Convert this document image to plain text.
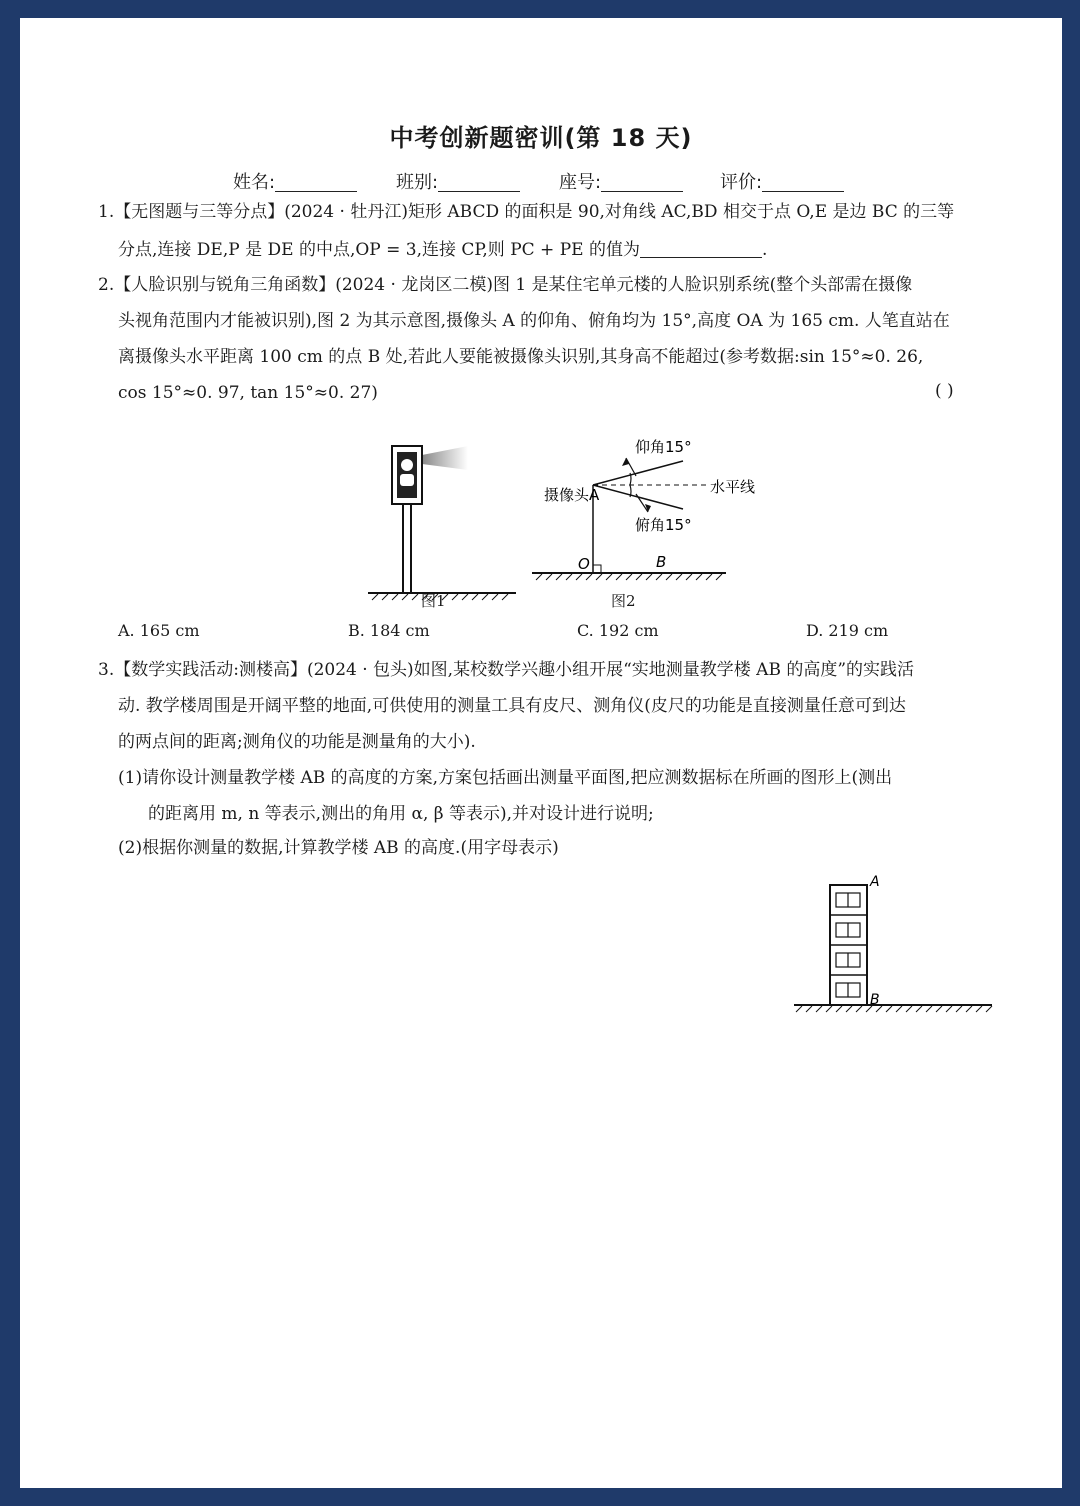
中考创新题密训(第 18 天)
姓名:	班别:	座号:	评价:
1.【无图题与三等分点】(2024 · 牡丹江)矩形 ABCD 的面积是 90,对角线 AC,BD 相交于点 O,E 是边 BC 的三等
分点,连接 DE,P 是 DE 的中点,OP = 3,连接 CP,则 PC + PE 的值为	.
2.【人脸识别与锐角三角函数】(2024 · 龙岗区二模)图 1 是某住宅单元楼的人脸识别系统(整个头部需在摄像
头视角范围内才能被识别),图 2 为其示意图,摄像头 A 的仰角、俯角均为 15°,高度 OA 为 165 cm. 人笔直站在
离摄像头水平距离 100 cm 的点 B 处,若此人要能被摄像头识别,其身高不能超过(参考数据:sin 15°≈0. 26,
cos 15°≈0. 97, tan 15°≈0. 27)	( )
图1
仰角15°
俯角15°
摄像头A	水平线
O	B
图2
A. 165 cm	B. 184 cm	C. 192 cm	D. 219 cm
3.【数学实践活动:测楼高】(2024 · 包头)如图,某校数学兴趣小组开展“实地测量教学楼 AB 的高度”的实践活
动. 教学楼周围是开阔平整的地面,可供使用的测量工具有皮尺、测角仪(皮尺的功能是直接测量任意可到达
的两点间的距离;测角仪的功能是测量角的大小).
(1)请你设计测量教学楼 AB 的高度的方案,方案包括画出测量平面图,把应测数据标在所画的图形上(测出
的距离用 m, n 等表示,测出的角用 α, β 等表示),并对设计进行说明;
(2)根据你测量的数据,计算教学楼 AB 的高度.(用字母表示)
A
B
